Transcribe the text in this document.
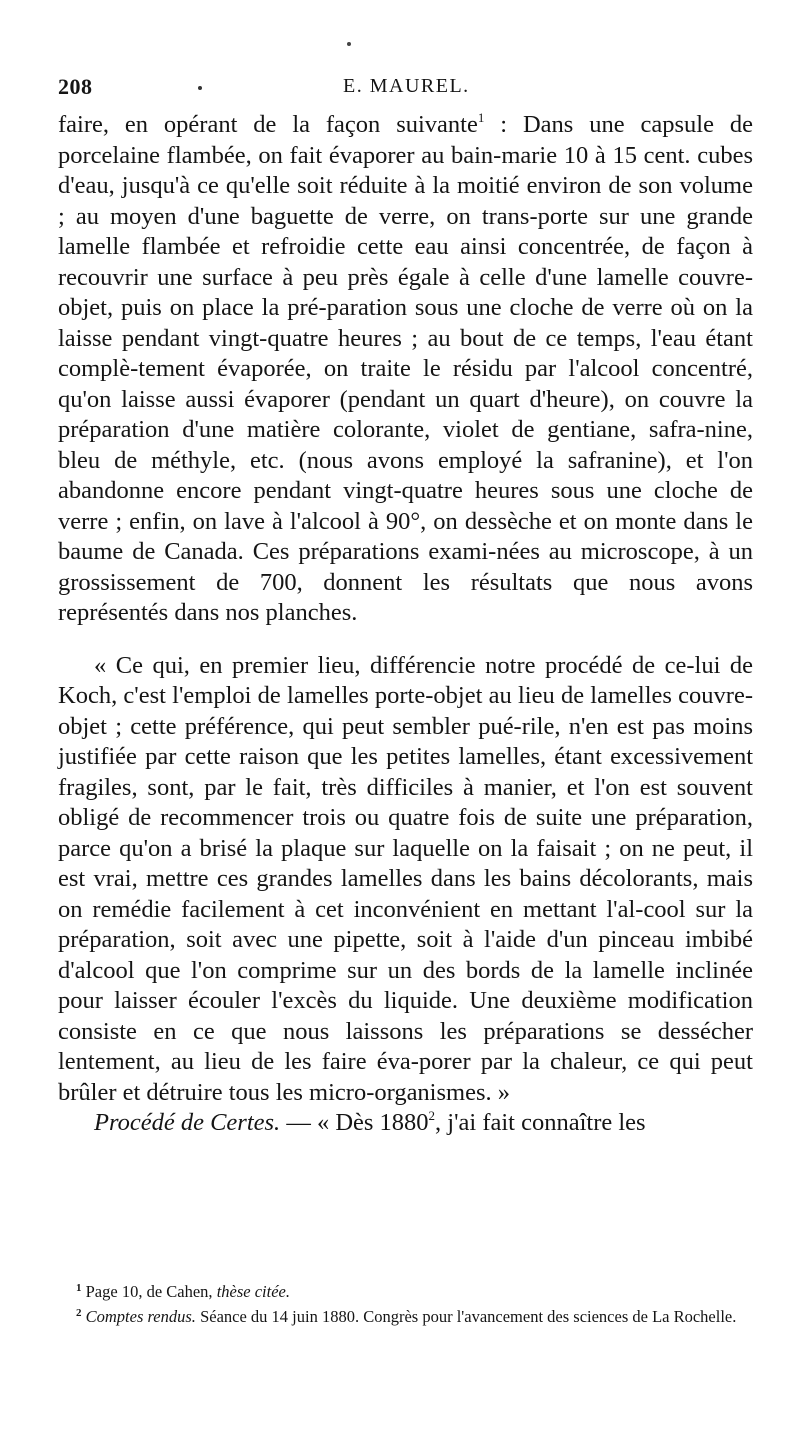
208	E. MAUREL.

faire, en opérant de la façon suivante$^1$ : Dans une capsule de porcelaine flambée, on fait évaporer au bain-marie 10 à 15 cent. cubes d'eau, jusqu'à ce qu'elle soit réduite à la moitié environ de son volume ; au moyen d'une baguette de verre, on trans-porte sur une grande lamelle flambée et refroidie cette eau ainsi concentrée, de façon à recouvrir une surface à peu près égale à celle d'une lamelle couvre-objet, puis on place la pré-paration sous une cloche de verre où on la laisse pendant vingt-quatre heures ; au bout de ce temps, l'eau étant complè-tement évaporée, on traite le résidu par l'alcool concentré, qu'on laisse aussi évaporer (pendant un quart d'heure), on couvre la préparation d'une matière colorante, violet de gentiane, safra-nine, bleu de méthyle, etc. (nous avons employé la safranine), et l'on abandonne encore pendant vingt-quatre heures sous une cloche de verre ; enfin, on lave à l'alcool à 90°, on dessèche et on monte dans le baume de Canada. Ces préparations exami-nées au microscope, à un grossissement de 700, donnent les résultats que nous avons représentés dans nos planches.

« Ce qui, en premier lieu, différencie notre procédé de ce-lui de Koch, c'est l'emploi de lamelles porte-objet au lieu de lamelles couvre-objet ; cette préférence, qui peut sembler pué-rile, n'en est pas moins justifiée par cette raison que les petites lamelles, étant excessivement fragiles, sont, par le fait, très difficiles à manier, et l'on est souvent obligé de recommencer trois ou quatre fois de suite une préparation, parce qu'on a brisé la plaque sur laquelle on la faisait ; on ne peut, il est vrai, mettre ces grandes lamelles dans les bains décolorants, mais on remédie facilement à cet inconvénient en mettant l'al-cool sur la préparation, soit avec une pipette, soit à l'aide d'un pinceau imbibé d'alcool que l'on comprime sur un des bords de la lamelle inclinée pour laisser écouler l'excès du liquide. Une deuxième modification consiste en ce que nous laissons les préparations se dessécher lentement, au lieu de les faire éva-porer par la chaleur, ce qui peut brûler et détruire tous les micro-organismes. »

Procédé de Certes. — « Dès 1880$^2$, j'ai fait connaître les

$^1$ Page 10, de Cahen, thèse citée.

$^2$ Comptes rendus. Séance du 14 juin 1880. Congrès pour l'avancement des sciences de La Rochelle.
